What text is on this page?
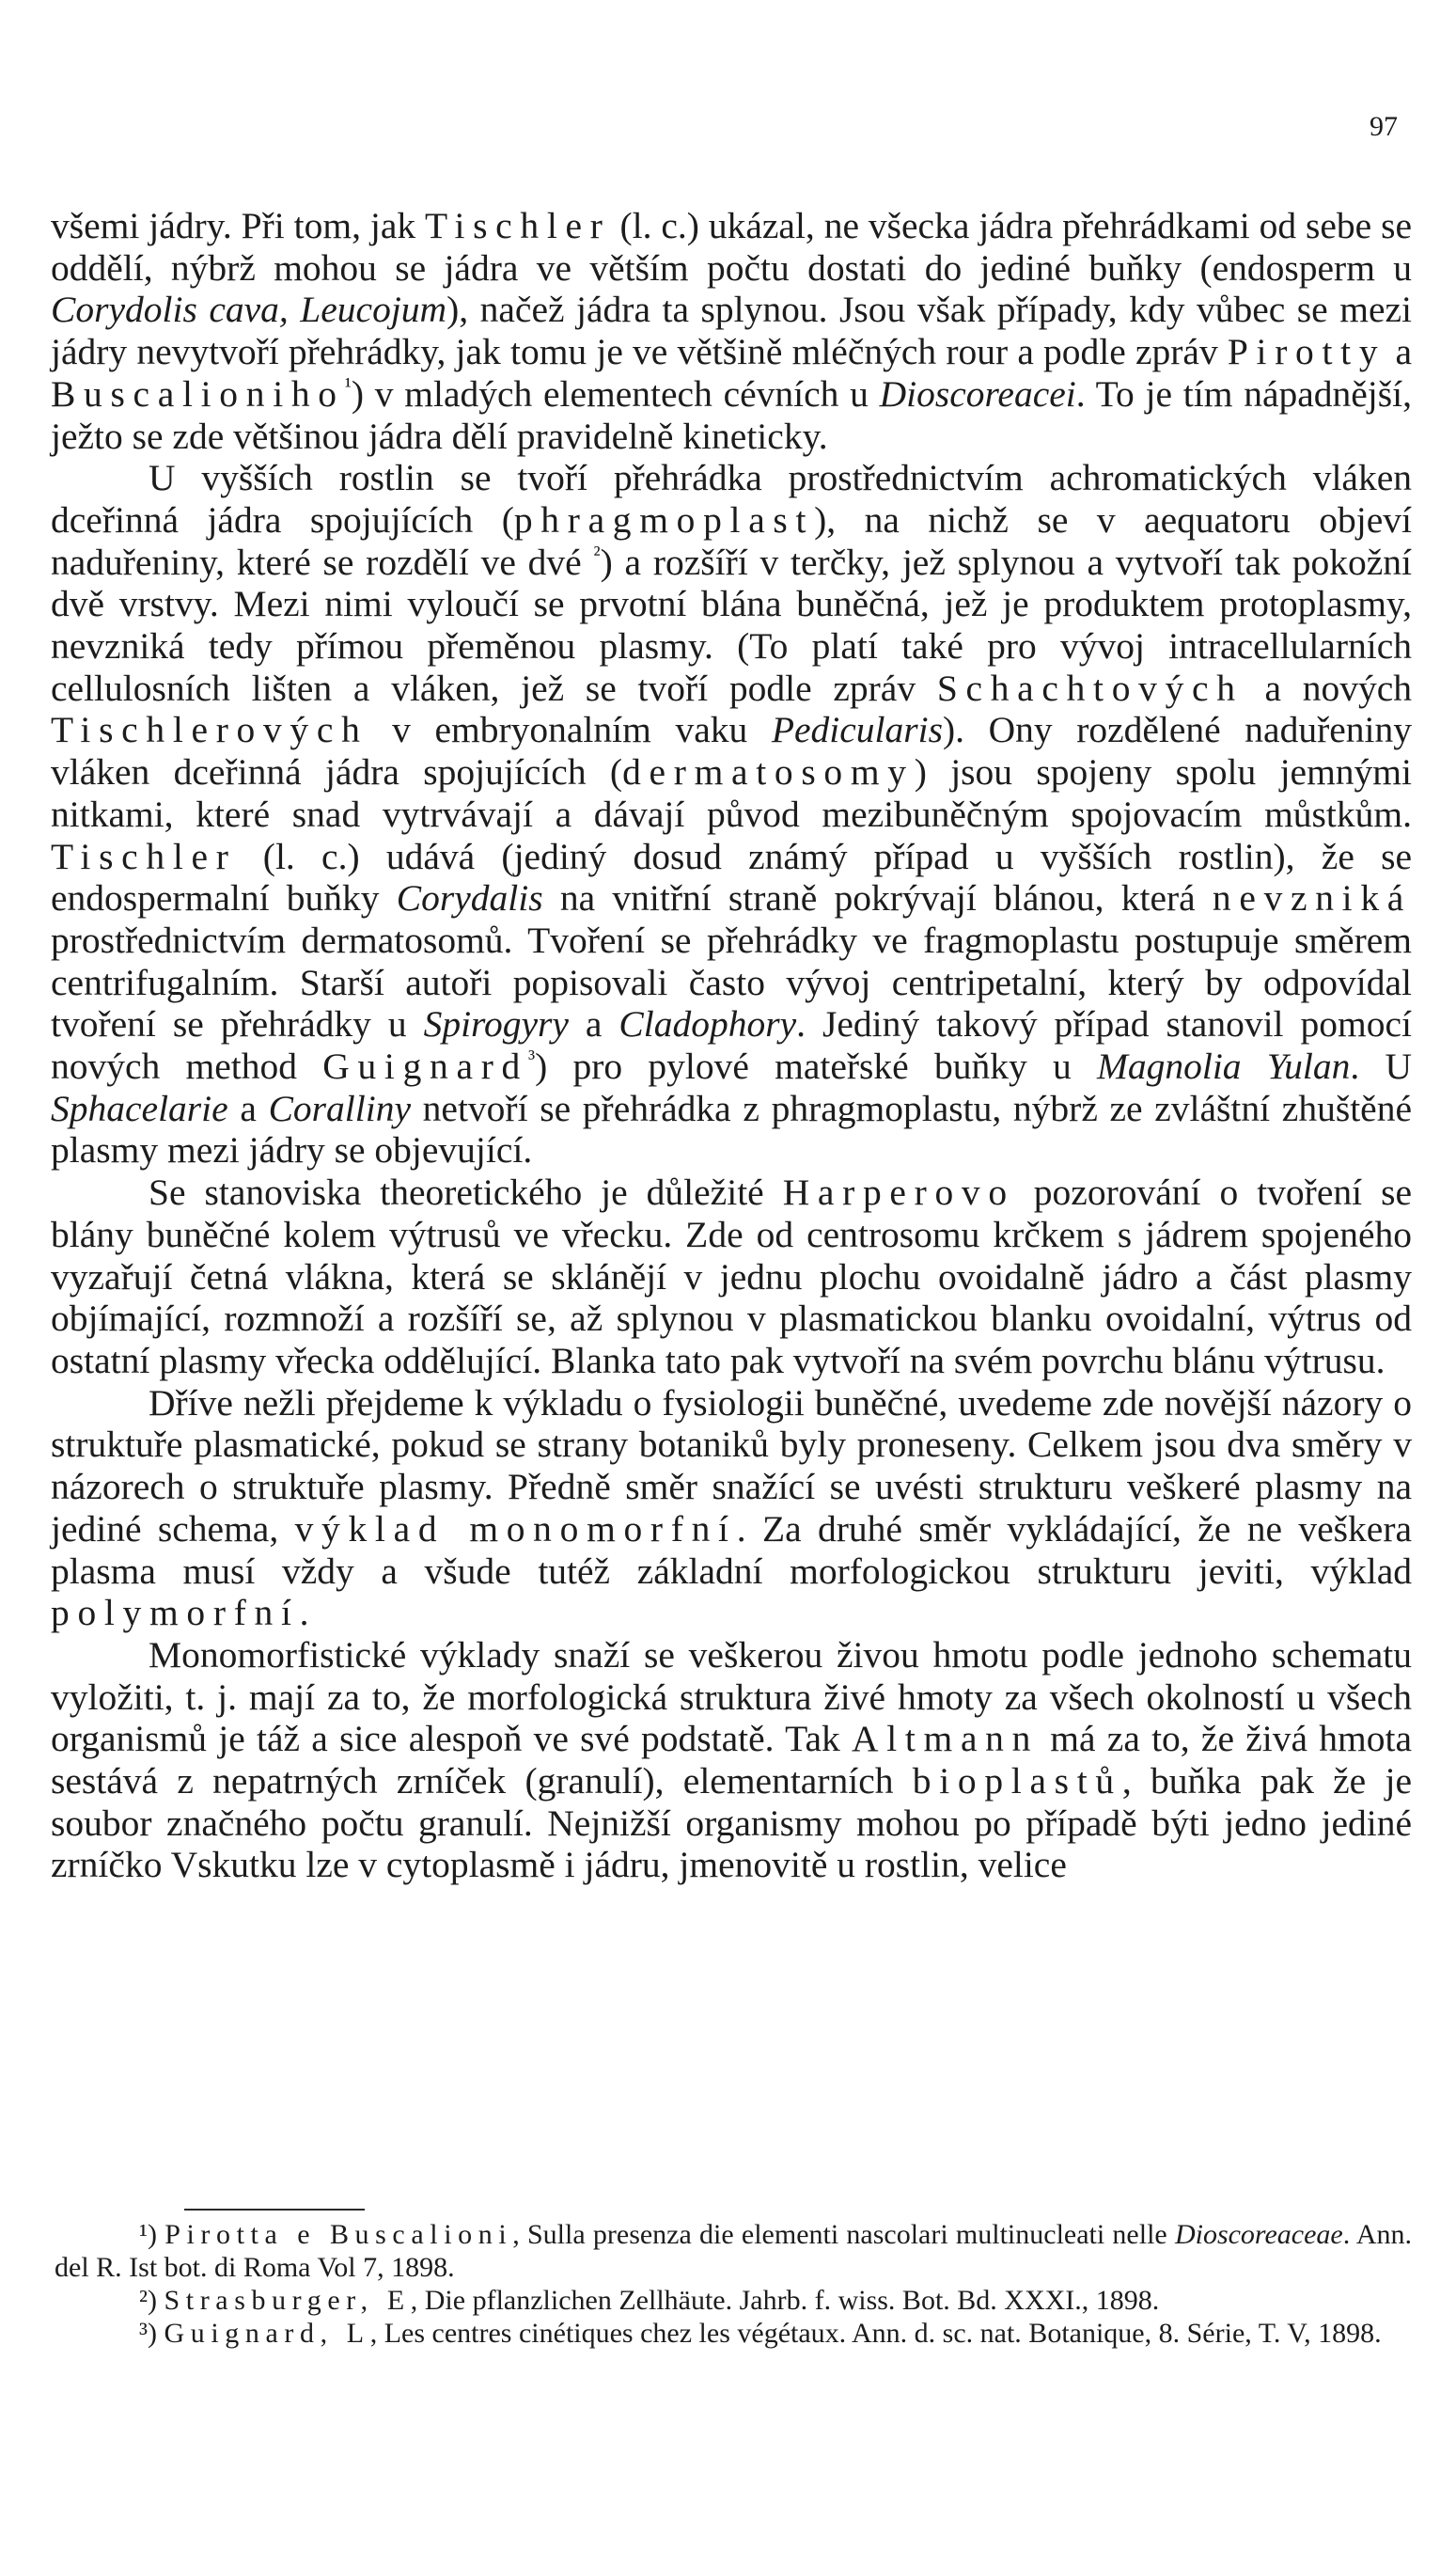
97

všemi jádry. Při tom, jak Tischler (l. c.) ukázal, ne všecka jádra přehrádkami od sebe se oddělí, nýbrž mohou se jádra ve větším počtu dostati do jediné buňky (endosperm u Corydolis cava, Leucojum), načež jádra ta splynou. Jsou však případy, kdy vůbec se mezi jádry nevytvoří přehrádky, jak tomu je ve většině mléčných rour a podle zpráv Pirotty a Buscalioniho$^{^1}$) v mladých elementech cévních u Dioscoreacei. To je tím nápadnější, ježto se zde většinou jádra dělí pravidelně kineticky.

U vyšších rostlin se tvoří přehrádka prostřednictvím achromatických vláken dceřinná jádra spojujících (phragmoplast), na nichž se v aequatoru objeví naduřeniny, které se rozdělí ve dvé $^{^2}$) a rozšíří v terčky, jež splynou a vytvoří tak pokožní dvě vrstvy. Mezi nimi vyloučí se prvotní blána buněčná, jež je produktem protoplasmy, nevzniká tedy přímou přeměnou plasmy. (To platí také pro vývoj intracellularních cellulosních lišten a vláken, jež se tvoří podle zpráv Schachtových a nových Tischlerových v embryonalním vaku Pedicularis). Ony rozdělené naduřeniny vláken dceřinná jádra spojujících (dermatosomy) jsou spojeny spolu jemnými nitkami, které snad vytrvávají a dávají původ mezibuněčným spojovacím můstkům. Tischler (l. c.) udává (jediný dosud známý případ u vyšších rostlin), že se endospermalní buňky Corydalis na vnitřní straně pokrývají blánou, která nevzniká prostřednictvím dermatosomů. Tvoření se přehrádky ve fragmoplastu postupuje směrem centrifugalním. Starší autoři popisovali často vývoj centripetalní, který by odpovídal tvoření se přehrádky u Spirogyry a Cladophory. Jediný takový případ stanovil pomocí nových method Guignard$^{^3}$) pro pylové mateřské buňky u Magnolia Yulan. U Sphacelarie a Coralliny netvoří se přehrádka z phragmoplastu, nýbrž ze zvláštní zhuštěné plasmy mezi jádry se objevující.

Se stanoviska theoretického je důležité Harperovo pozorování o tvoření se blány buněčné kolem výtrusů ve vřecku. Zde od centrosomu krčkem s jádrem spojeného vyzařují četná vlákna, která se sklánějí v jednu plochu ovoidalně jádro a část plasmy objímající, rozmnoží a rozšíří se, až splynou v plasmatickou blanku ovoidalní, výtrus od ostatní plasmy vřecka oddělující. Blanka tato pak vytvoří na svém povrchu blánu výtrusu.

Dříve nežli přejdeme k výkladu o fysiologii buněčné, uvedeme zde novější názory o struktuře plasmatické, pokud se strany botaniků byly proneseny. Celkem jsou dva směry v názorech o struktuře plasmy. Předně směr snažící se uvésti strukturu veškeré plasmy na jediné schema, výklad monomorfní. Za druhé směr vykládající, že ne veškera plasma musí vždy a všude tutéž základní morfologickou strukturu jeviti, výklad polymorfní.

Monomorfistické výklady snaží se veškerou živou hmotu podle jednoho schematu vyložiti, t. j. mají za to, že morfologická struktura živé hmoty za všech okolností u všech organismů je táž a sice alespoň ve své podstatě. Tak Altmann má za to, že živá hmota sestává z nepatrných zrníček (granulí), elementarních bioplastů, buňka pak že je soubor značného počtu granulí. Nejnižší organismy mohou po případě býti jedno jediné zrníčko Vskutku lze v cytoplasmě i jádru, jmenovitě u rostlin, velice

¹) Pirotta e Buscalioni, Sulla presenza die elementi nascolari multinucleati nelle Dioscoreaceae. Ann. del R. Ist bot. di Roma Vol 7, 1898.

²) Strasburger, E, Die pflanzlichen Zellhäute. Jahrb. f. wiss. Bot. Bd. XXXI., 1898.

³) Guignard, L, Les centres cinétiques chez les végétaux. Ann. d. sc. nat. Botanique, 8. Série, T. V, 1898.
